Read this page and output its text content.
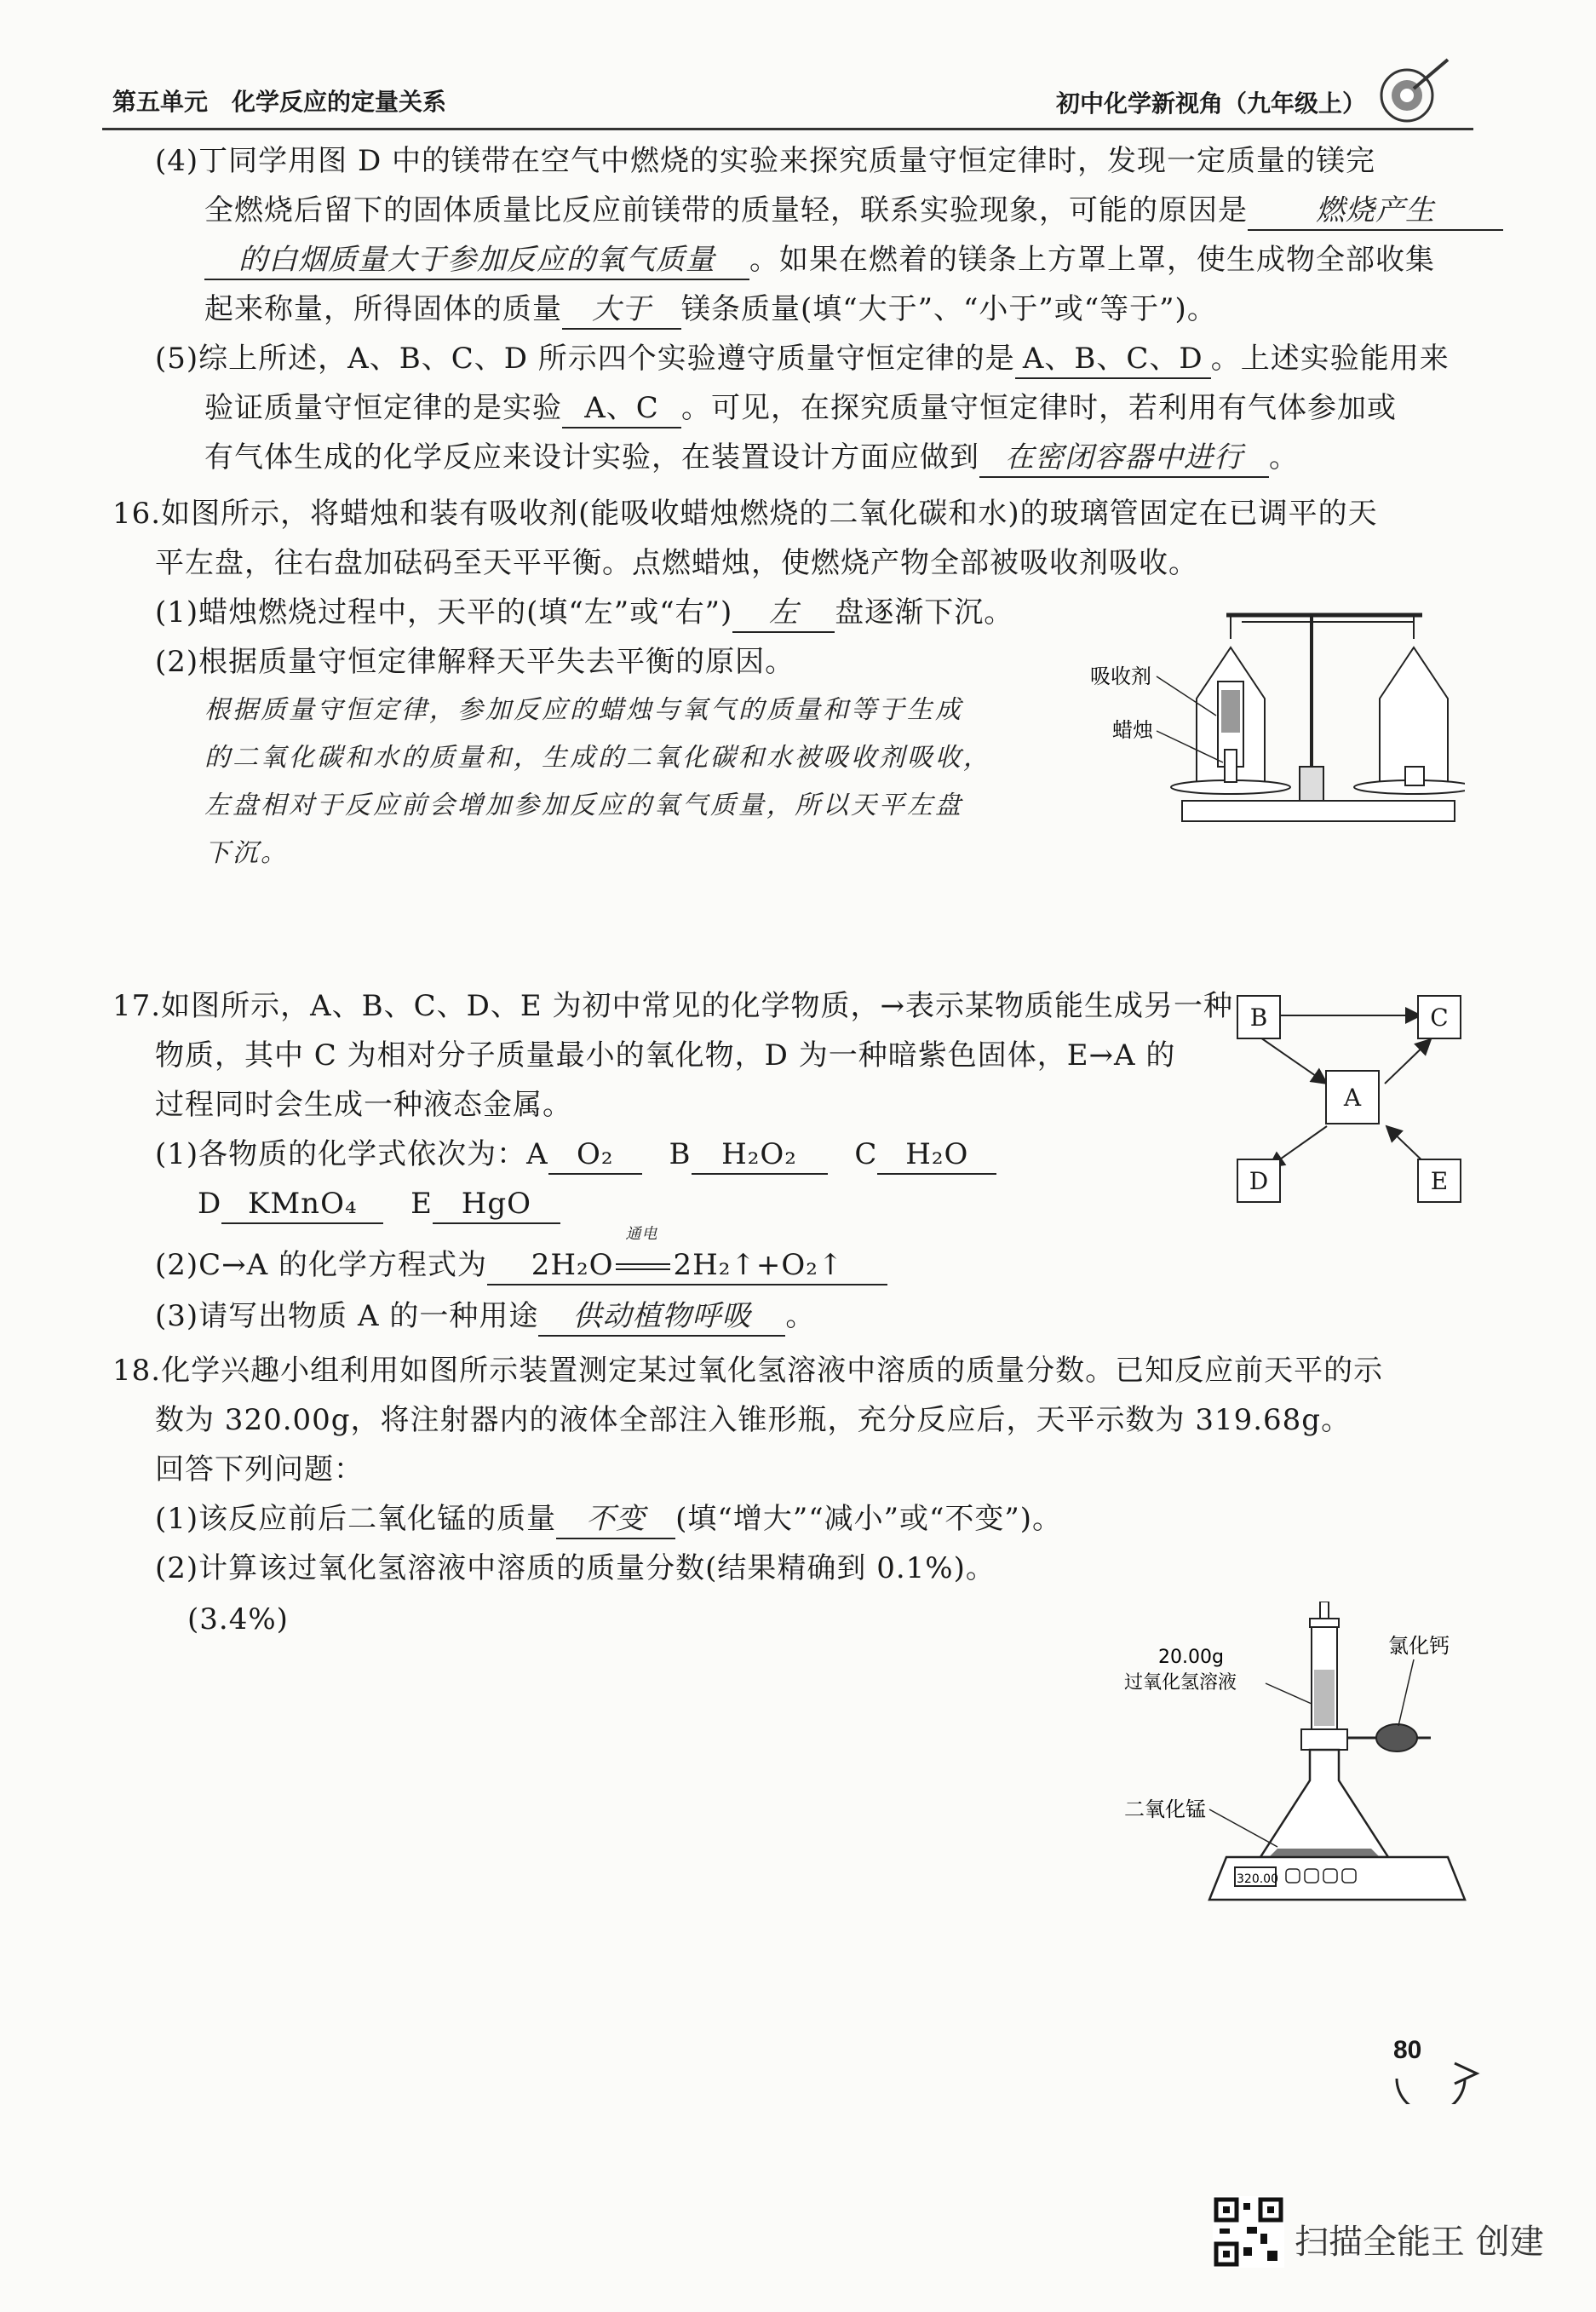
第五单元　化学反应的定量关系	初中化学新视角（九年级上）
(4)丁同学用图 D 中的镁带在空气中燃烧的实验来探究质量守恒定律时，发现一定质量的镁完
全燃烧后留下的固体质量比反应前镁带的质量轻，联系实验现象，可能的原因是 燃烧产生
的白烟质量大于参加反应的氧气质量 。如果在燃着的镁条上方罩上罩，使生成物全部收集
起来称量，所得固体的质量 大于 镁条质量(填“大于”、“小于”或“等于”)。
(5)综上所述，A、B、C、D 所示四个实验遵守质量守恒定律的是 A、B、C、D 。上述实验能用来
验证质量守恒定律的是实验 A、C 。可见，在探究质量守恒定律时，若利用有气体参加或
有气体生成的化学反应来设计实验，在装置设计方面应做到 在密闭容器中进行 。
16.如图所示，将蜡烛和装有吸收剂(能吸收蜡烛燃烧的二氧化碳和水)的玻璃管固定在已调平的天
平左盘，往右盘加砝码至天平平衡。点燃蜡烛，使燃烧产物全部被吸收剂吸收。
(1)蜡烛燃烧过程中，天平的(填“左”或“右”) 左 盘逐渐下沉。
(2)根据质量守恒定律解释天平失去平衡的原因。
根据质量守恒定律，参加反应的蜡烛与氧气的质量和等于生成
的二氧化碳和水的质量和，生成的二氧化碳和水被吸收剂吸收，
左盘相对于反应前会增加参加反应的氧气质量，所以天平左盘
下沉。
吸收剂
蜡烛
17.如图所示，A、B、C、D、E 为初中常见的化学物质，→表示某物质能生成另一种
物质，其中 C 为相对分子质量最小的氧化物，D 为一种暗紫色固体，E→A 的
过程同时会生成一种液态金属。
(1)各物质的化学式依次为：A O₂ B H₂O₂ C H₂O
D KMnO₄ E HgO
(2)C→A 的化学方程式为 2H₂O
通电
2H₂↑+O₂↑
(3)请写出物质 A 的一种用途 供动植物呼吸 。
B	C
A
D	E
18.化学兴趣小组利用如图所示装置测定某过氧化氢溶液中溶质的质量分数。已知反应前天平的示
数为 320.00g，将注射器内的液体全部注入锥形瓶，充分反应后，天平示数为 319.68g。
回答下列问题：
(1)该反应前后二氧化锰的质量 不变 (填“增大”“减小”或“不变”)。
(2)计算该过氧化氢溶液中溶质的质量分数(结果精确到 0.1%)。
(3.4%)
320.00
20.00g
过氧化氢溶液
氯化钙
二氧化锰
80
扫描全能王 创建
